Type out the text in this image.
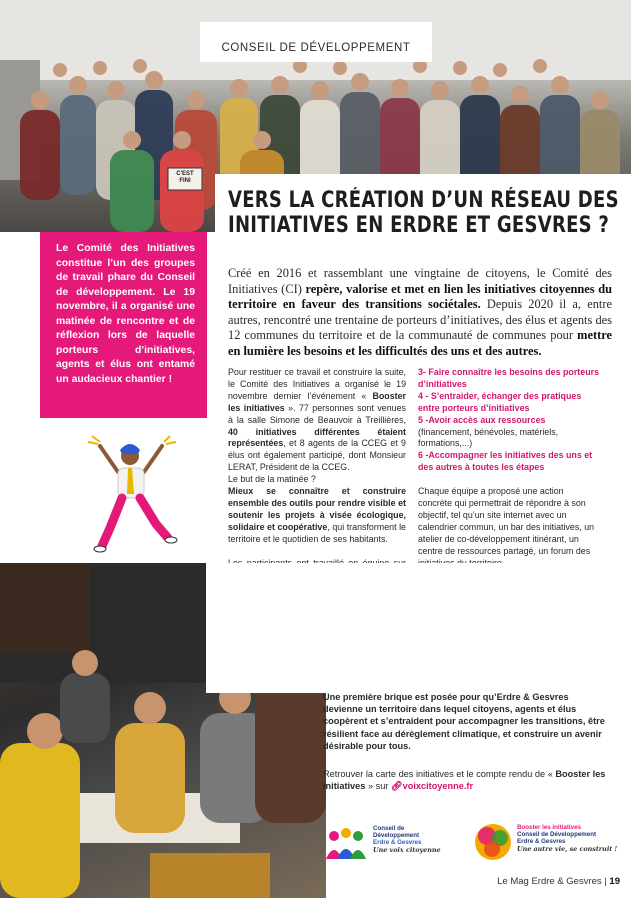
C'EST FINI
CONSEIL DE DÉVELOPPEMENT
VERS LA CRÉATION D’UN RÉSEAU DES
INITIATIVES EN ERDRE ET GESVRES ?
Le Comité des Initiatives constitue l’un des groupes de travail phare du Conseil de développement. Le 19 novembre, il a organisé une matinée de rencontre et de réflexion lors de laquelle porteurs d’initiatives, agents et élus ont entamé un audacieux chantier !
Créé en 2016 et rassemblant une vingtaine de citoyens, le Comité des Initiatives (CI) repère, valorise et met en lien les initiatives citoyennes du territoire en faveur des transitions sociétales. Depuis 2020 il a, entre autres, rencontré une trentaine de porteurs d’initiatives, des élus et agents des 12 communes du territoire et de la communauté de communes pour mettre en lumière les besoins et les difficultés des uns et des autres.

Pour restituer ce travail et construire la suite, le Comité des Initiatives a organisé le 19 novembre dernier l’événement « Booster les initiatives ». 77 personnes sont venues à la salle Simone de Beauvoir à Treillières, 40 initiatives différentes étaient représentées, et 8 agents de la CCEG et 9 élus ont également participé, dont Monsieur LERAT, Président de la CCEG.

Le but de la matinée ?

Mieux se connaître et construire ensemble des outils pour rendre visible et soutenir les projets à visée écologique, solidaire et coopérative, qui transforment le territoire et le quotidien de ses habitants.

3- Faire connaître les besoins des porteurs d’initiatives

4 - S’entraider, échanger des pratiques entre porteurs d’initiatives

5 -Avoir accès aux ressources (financement, bénévoles, matériels, formations,...)

6 -Accompagner les initiatives des uns et des autres à toutes les étapes

Chaque équipe a proposé une action concrète qui permettrait de répondre à son objectif, tel qu’un site internet avec un calendrier commun, un bar des initiatives, un atelier de co-développement itinérant, un centre de ressources partagé, un forum des

Une première brique est posée pour qu’Erdre & Gesvres devienne un territoire dans lequel citoyens, agents et élus coopèrent et s’entraident pour accompagner les transitions, être résilient face au dérèglement climatique, et construire un avenir désirable pour tous.
Retrouver la carte des initiatives et le compte rendu de « Booster les initiatives » sur 🔗︎voixcitoyenne.fr
Conseil de
Développement
Erdre & Gesvres
Une voix citoyenne
Booster les initiatives
Conseil de Développement
Erdre & Gesvres
Une autre vie, se construit !
Le Mag Erdre & Gesvres | 19
